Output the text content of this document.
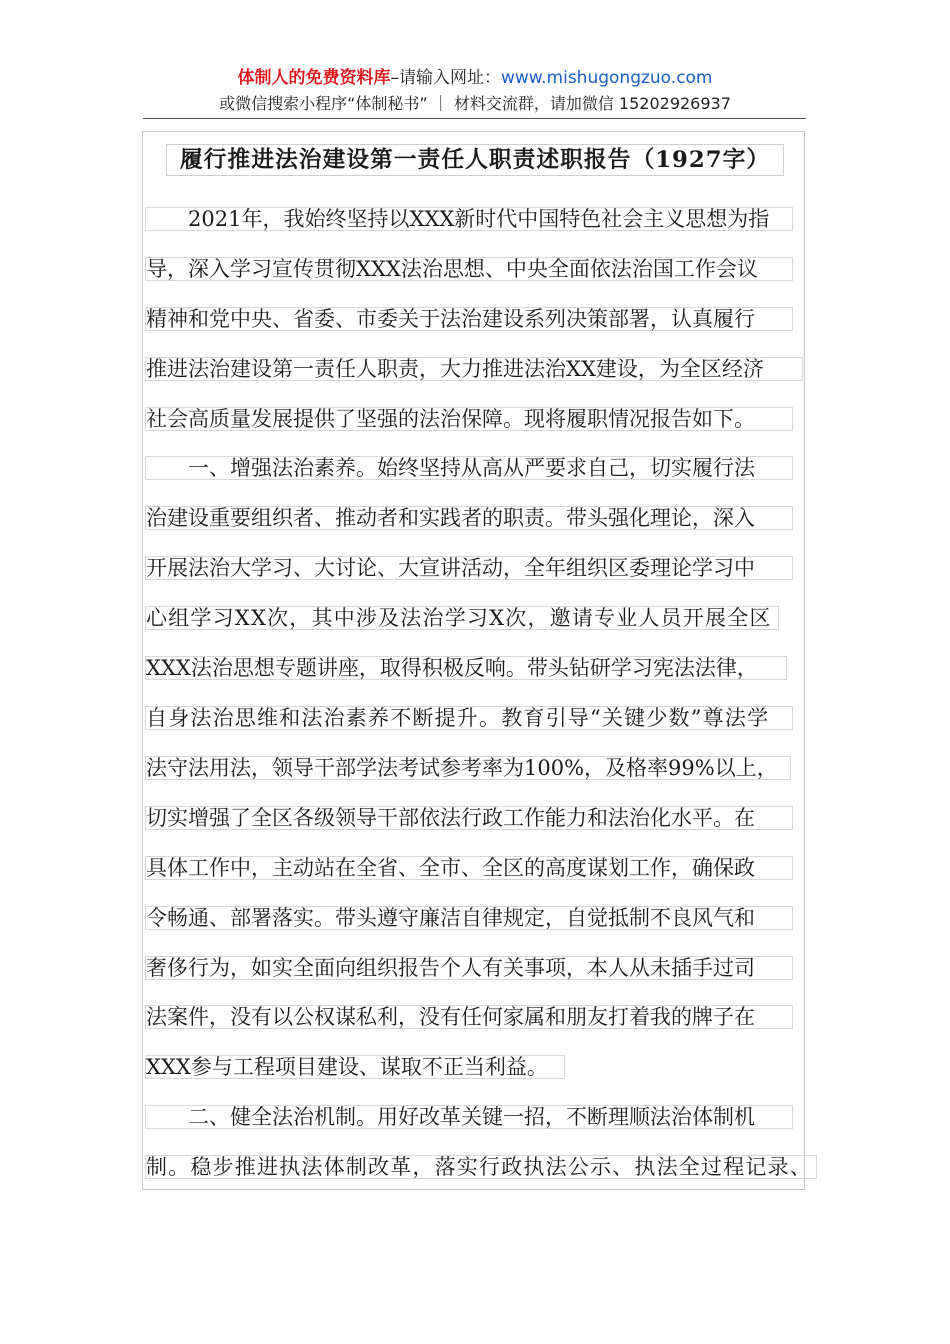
体制人的免费资料库–请输入网址：www.mishugongzuo.com
或微信搜索小程序“体制秘书” ｜ 材料交流群，请加微信 15202926937
履行推进法治建设第一责任人职责述职报告（1927字）
　　2021年，我始终坚持以XXX新时代中国特色社会主义思想为指
导，深入学习宣传贯彻XXX法治思想、中央全面依法治国工作会议
精神和党中央、省委、市委关于法治建设系列决策部署，认真履行
推进法治建设第一责任人职责，大力推进法治XX建设，为全区经济
社会高质量发展提供了坚强的法治保障。现将履职情况报告如下。
　　一、增强法治素养。始终坚持从高从严要求自己，切实履行法
治建设重要组织者、推动者和实践者的职责。带头强化理论，深入
开展法治大学习、大讨论、大宣讲活动，全年组织区委理论学习中
心组学习XX次，其中涉及法治学习X次，邀请专业人员开展全区
XXX法治思想专题讲座，取得积极反响。带头钻研学习宪法法律，
自身法治思维和法治素养不断提升。教育引导“关键少数”尊法学
法守法用法，领导干部学法考试参考率为100%，及格率99%以上，
切实增强了全区各级领导干部依法行政工作能力和法治化水平。在
具体工作中，主动站在全省、全市、全区的高度谋划工作，确保政
令畅通、部署落实。带头遵守廉洁自律规定，自觉抵制不良风气和
奢侈行为，如实全面向组织报告个人有关事项，本人从未插手过司
法案件，没有以公权谋私利，没有任何家属和朋友打着我的牌子在
XXX参与工程项目建设、谋取不正当利益。
　　二、健全法治机制。用好改革关键一招，不断理顺法治体制机
制。稳步推进执法体制改革，落实行政执法公示、执法全过程记录、
